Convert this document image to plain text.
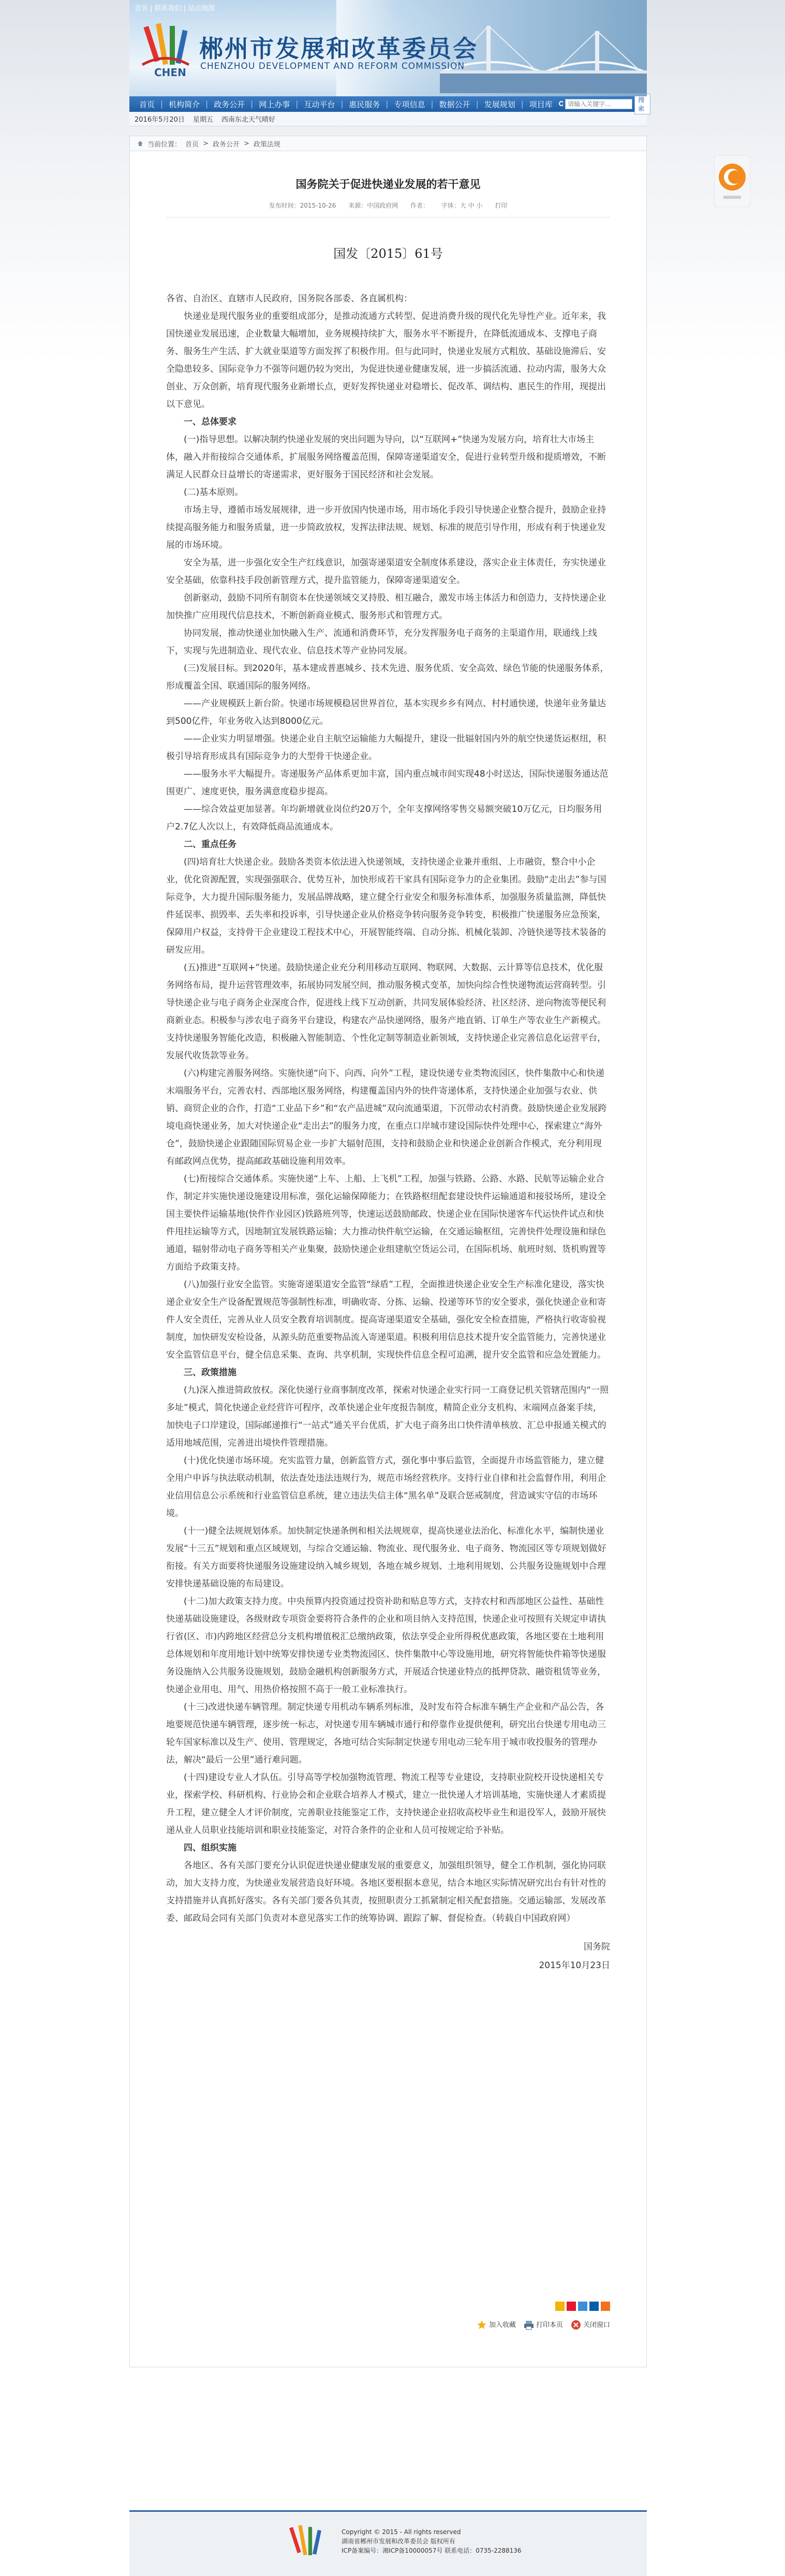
首页 | 联系我们 | 站点地图
CHEN
郴州市发展和改革委员会
CHENZHOU DEVELOPMENT AND REFORM COMMISSION
首页 | 机构简介 | 政务公开 | 网上办事 | 互动平台 | 惠民服务 | 专项信息 | 数据公开 | 发展规划 | 项目库
请输入关键字…	搜索
2016年5月20日 星期五 西南东北天气晴好
当前位置： 首页 > 政务公开 > 政策法规
国务院关于促进快递业发展的若干意见
发布时间：2015-10-26 来源：中国政府网 作者： 字体：大 中 小 打印
国发〔2015〕61号

各省、自治区、直辖市人民政府，国务院各部委、各直属机构：

快递业是现代服务业的重要组成部分，是推动流通方式转型、促进消费升级的现代化先导性产业。近年来，我国快递业发展迅速，企业数量大幅增加，业务规模持续扩大，服务水平不断提升，在降低流通成本、支撑电子商务、服务生产生活、扩大就业渠道等方面发挥了积极作用。但与此同时，快递业发展方式粗放、基础设施滞后、安全隐患较多、国际竞争力不强等问题仍较为突出，为促进快递业健康发展，进一步搞活流通、拉动内需，服务大众创业、万众创新，培育现代服务业新增长点，更好发挥快递业对稳增长、促改革、调结构、惠民生的作用，现提出以下意见。

一、总体要求

(一)指导思想。以解决制约快递业发展的突出问题为导向，以“互联网+”快递为发展方向，培育壮大市场主体，融入并衔接综合交通体系，扩展服务网络覆盖范围，保障寄递渠道安全，促进行业转型升级和提质增效，不断满足人民群众日益增长的寄递需求，更好服务于国民经济和社会发展。

(二)基本原则。

市场主导，遵循市场发展规律，进一步开放国内快递市场，用市场化手段引导快递企业整合提升，鼓励企业持续提高服务能力和服务质量，进一步简政放权，发挥法律法规、规划、标准的规范引导作用，形成有利于快递业发展的市场环境。

安全为基，进一步强化安全生产红线意识，加强寄递渠道安全制度体系建设，落实企业主体责任，夯实快递业安全基础，依靠科技手段创新管理方式，提升监管能力，保障寄递渠道安全。

创新驱动，鼓励不同所有制资本在快递领域交叉持股、相互融合，激发市场主体活力和创造力，支持快递企业加快推广应用现代信息技术，不断创新商业模式、服务形式和管理方式。

协同发展，推动快递业加快融入生产、流通和消费环节，充分发挥服务电子商务的主渠道作用，联通线上线下，实现与先进制造业、现代农业、信息技术等产业协同发展。

(三)发展目标。到2020年，基本建成普惠城乡、技术先进、服务优质、安全高效、绿色节能的快递服务体系，形成覆盖全国、联通国际的服务网络。

——产业规模跃上新台阶。快递市场规模稳居世界首位，基本实现乡乡有网点、村村通快递，快递年业务量达到500亿件，年业务收入达到8000亿元。

——企业实力明显增强。快递企业自主航空运输能力大幅提升，建设一批辐射国内外的航空快递货运枢纽，积极引导培育形成具有国际竞争力的大型骨干快递企业。

——服务水平大幅提升。寄递服务产品体系更加丰富，国内重点城市间实现48小时送达，国际快递服务通达范围更广、速度更快，服务满意度稳步提高。

——综合效益更加显著。年均新增就业岗位约20万个，全年支撑网络零售交易额突破10万亿元，日均服务用户2.7亿人次以上，有效降低商品流通成本。

二、重点任务

(四)培育壮大快递企业。鼓励各类资本依法进入快递领域，支持快递企业兼并重组、上市融资，整合中小企业，优化资源配置，实现强强联合、优势互补，加快形成若干家具有国际竞争力的企业集团。鼓励“走出去”参与国际竞争，大力提升国际服务能力，发展品牌战略，建立健全行业安全和服务标准体系，加强服务质量监测，降低快件延误率、损毁率、丢失率和投诉率，引导快递企业从价格竞争转向服务竞争转变，积极推广快递服务应急预案，保障用户权益，支持骨干企业建设工程技术中心，开展智能终端、自动分拣、机械化装卸、冷链快递等技术装备的研发应用。

(五)推进“互联网+”快递。鼓励快递企业充分利用移动互联网、物联网、大数据、云计算等信息技术，优化服务网络布局，提升运营管理效率，拓展协同发展空间，推动服务模式变革，加快向综合性快递物流运营商转型。引导快递企业与电子商务企业深度合作，促进线上线下互动创新，共同发展体验经济、社区经济、逆向物流等便民利商新业态。积极参与涉农电子商务平台建设，构建农产品快递网络，服务产地直销、订单生产等农业生产新模式。支持快递服务智能化改造，积极融入智能制造、个性化定制等制造业新领域，支持快递企业完善信息化运营平台，发展代收货款等业务。

(六)构建完善服务网络。实施快递“向下、向西、向外”工程，建设快递专业类物流园区，快件集散中心和快递末端服务平台，完善农村、西部地区服务网络，构建覆盖国内外的快件寄递体系，支持快递企业加强与农业、供销、商贸企业的合作，打造“工业品下乡”和“农产品进城”双向流通渠道，下沉带动农村消费。鼓励快递企业发展跨境电商快递业务，加大对快递企业“走出去”的服务力度，在重点口岸城市建设国际快件处理中心，探索建立“海外仓”，鼓励快递企业跟随国际贸易企业一步扩大辐射范围，支持和鼓励企业和快递企业创新合作模式，充分利用现有邮政网点优势，提高邮政基础设施利用效率。

(七)衔接综合交通体系。实施快递“上车、上船、上飞机”工程，加强与铁路、公路、水路、民航等运输企业合作，制定并实施快递设施建设用标准，强化运输保障能力；在铁路枢纽配套建设快件运输通道和接驳场所，建设全国主要快件运输基地(快件作业园区)铁路班列等，快速运送鼓励邮政、快递企业在国际快递客车代运快件试点和快件甩挂运输等方式，因地制宜发展铁路运输；大力推动快件航空运输，在交通运输枢纽，完善快件处理设施和绿色通道，辐射带动电子商务等相关产业集聚，鼓励快递企业组建航空货运公司，在国际机场、航班时刻、货机购置等方面给予政策支持。

(八)加强行业安全监管。实施寄递渠道安全监管“绿盾”工程，全面推进快递企业安全生产标准化建设，落实快递企业安全生产设备配置规范等强制性标准，明确收寄、分拣、运输、投递等环节的安全要求，强化快递企业和寄件人安全责任，完善从业人员安全教育培训制度。提高寄递渠道安全基础，强化安全检查措施，严格执行收寄验视制度，加快研发安检设备，从源头防范重要物品流入寄递渠道。积极利用信息技术提升安全监管能力，完善快递业安全监管信息平台，健全信息采集、查询、共享机制，实现快件信息全程可追溯，提升安全监管和应急处置能力。

三、政策措施

(九)深入推进简政放权。深化快递行业商事制度改革，探索对快递企业实行同一工商登记机关管辖范围内“一照多址”模式，简化快递企业经营许可程序，改革快递企业年度报告制度，精简企业分支机构、末端网点备案手续，加快电子口岸建设，国际邮递推行“一站式”通关平台优质，扩大电子商务出口快件清单核放、汇总申报通关模式的适用地域范围，完善进出境快件管理措施。

(十)优化快递市场环境。充实监管力量，创新监管方式，强化事中事后监管，全面提升市场监管能力，建立健全用户申诉与执法联动机制，依法查处违法违规行为，规范市场经营秩序。支持行业自律和社会监督作用，利用企业信用信息公示系统和行业监管信息系统，建立违法失信主体“黑名单”及联合惩戒制度，营造诚实守信的市场环境。

(十一)健全法规规划体系。加快制定快递条例和相关法规规章，提高快递业法治化、标准化水平，编制快递业发展“十三五”规划和重点区域规划，与综合交通运输、物流业、现代服务业、电子商务、物流园区等专项规划做好衔接。有关方面要将快递服务设施建设纳入城乡规划，各地在城乡规划、土地利用规划、公共服务设施规划中合理安排快递基础设施的布局建设。

(十二)加大政策支持力度。中央预算内投资通过投资补助和贴息等方式，支持农村和西部地区公益性、基础性快递基础设施建设，各级财政专项资金要将符合条件的企业和项目纳入支持范围，快递企业可按照有关规定申请执行省(区、市)内跨地区经营总分支机构增值税汇总缴纳政策，依法享受企业所得税优惠政策，各地区要在土地利用总体规划和年度用地计划中统筹安排快递专业类物流园区、快件集散中心等设施用地，研究将智能快件箱等快递服务设施纳入公共服务设施规划，鼓励金融机构创新服务方式，开展适合快递业特点的抵押贷款、融资租赁等业务，快递企业用电、用气、用热价格按照不高于一般工业标准执行。

(十三)改进快递车辆管理。制定快递专用机动车辆系列标准，及时发布符合标准车辆生产企业和产品公告，各地要规范快递车辆管理，逐步统一标志，对快递专用车辆城市通行和停靠作业提供便利，研究出台快递专用电动三轮车国家标准以及生产、使用、管理规定，各地可结合实际制定快递专用电动三轮车用于城市收投服务的管理办法，解决“最后一公里”通行难问题。

(十四)建设专业人才队伍。引导高等学校加强物流管理、物流工程等专业建设，支持职业院校开设快递相关专业，探索学校、科研机构、行业协会和企业联合培养人才模式，建立一批快递人才培训基地，实施快递人才素质提升工程，建立健全人才评价制度，完善职业技能鉴定工作，支持快递企业招收高校毕业生和退役军人，鼓励开展快递从业人员职业技能培训和职业技能鉴定，对符合条件的企业和人员可按规定给予补贴。

四、组织实施

各地区、各有关部门要充分认识促进快递业健康发展的重要意义，加强组织领导，健全工作机制，强化协同联动，加大支持力度，为快递业发展营造良好环境。各地区要根据本意见，结合本地区实际情况研究出台有针对性的支持措施并认真抓好落实。各有关部门要各负其责，按照职责分工抓紧制定相关配套措施。交通运输部、发展改革委、邮政局会同有关部门负责对本意见落实工作的统筹协调、跟踪了解、督促检查。（转载自中国政府网）

国务院
2015年10月23日
加入收藏	打印本页	关闭窗口
Copyright © 2015 - All rights reserved
湖南省郴州市发展和改革委员会 版权所有
ICP备案编号：湘ICP备10000057号 联系电话：0735-2288136
